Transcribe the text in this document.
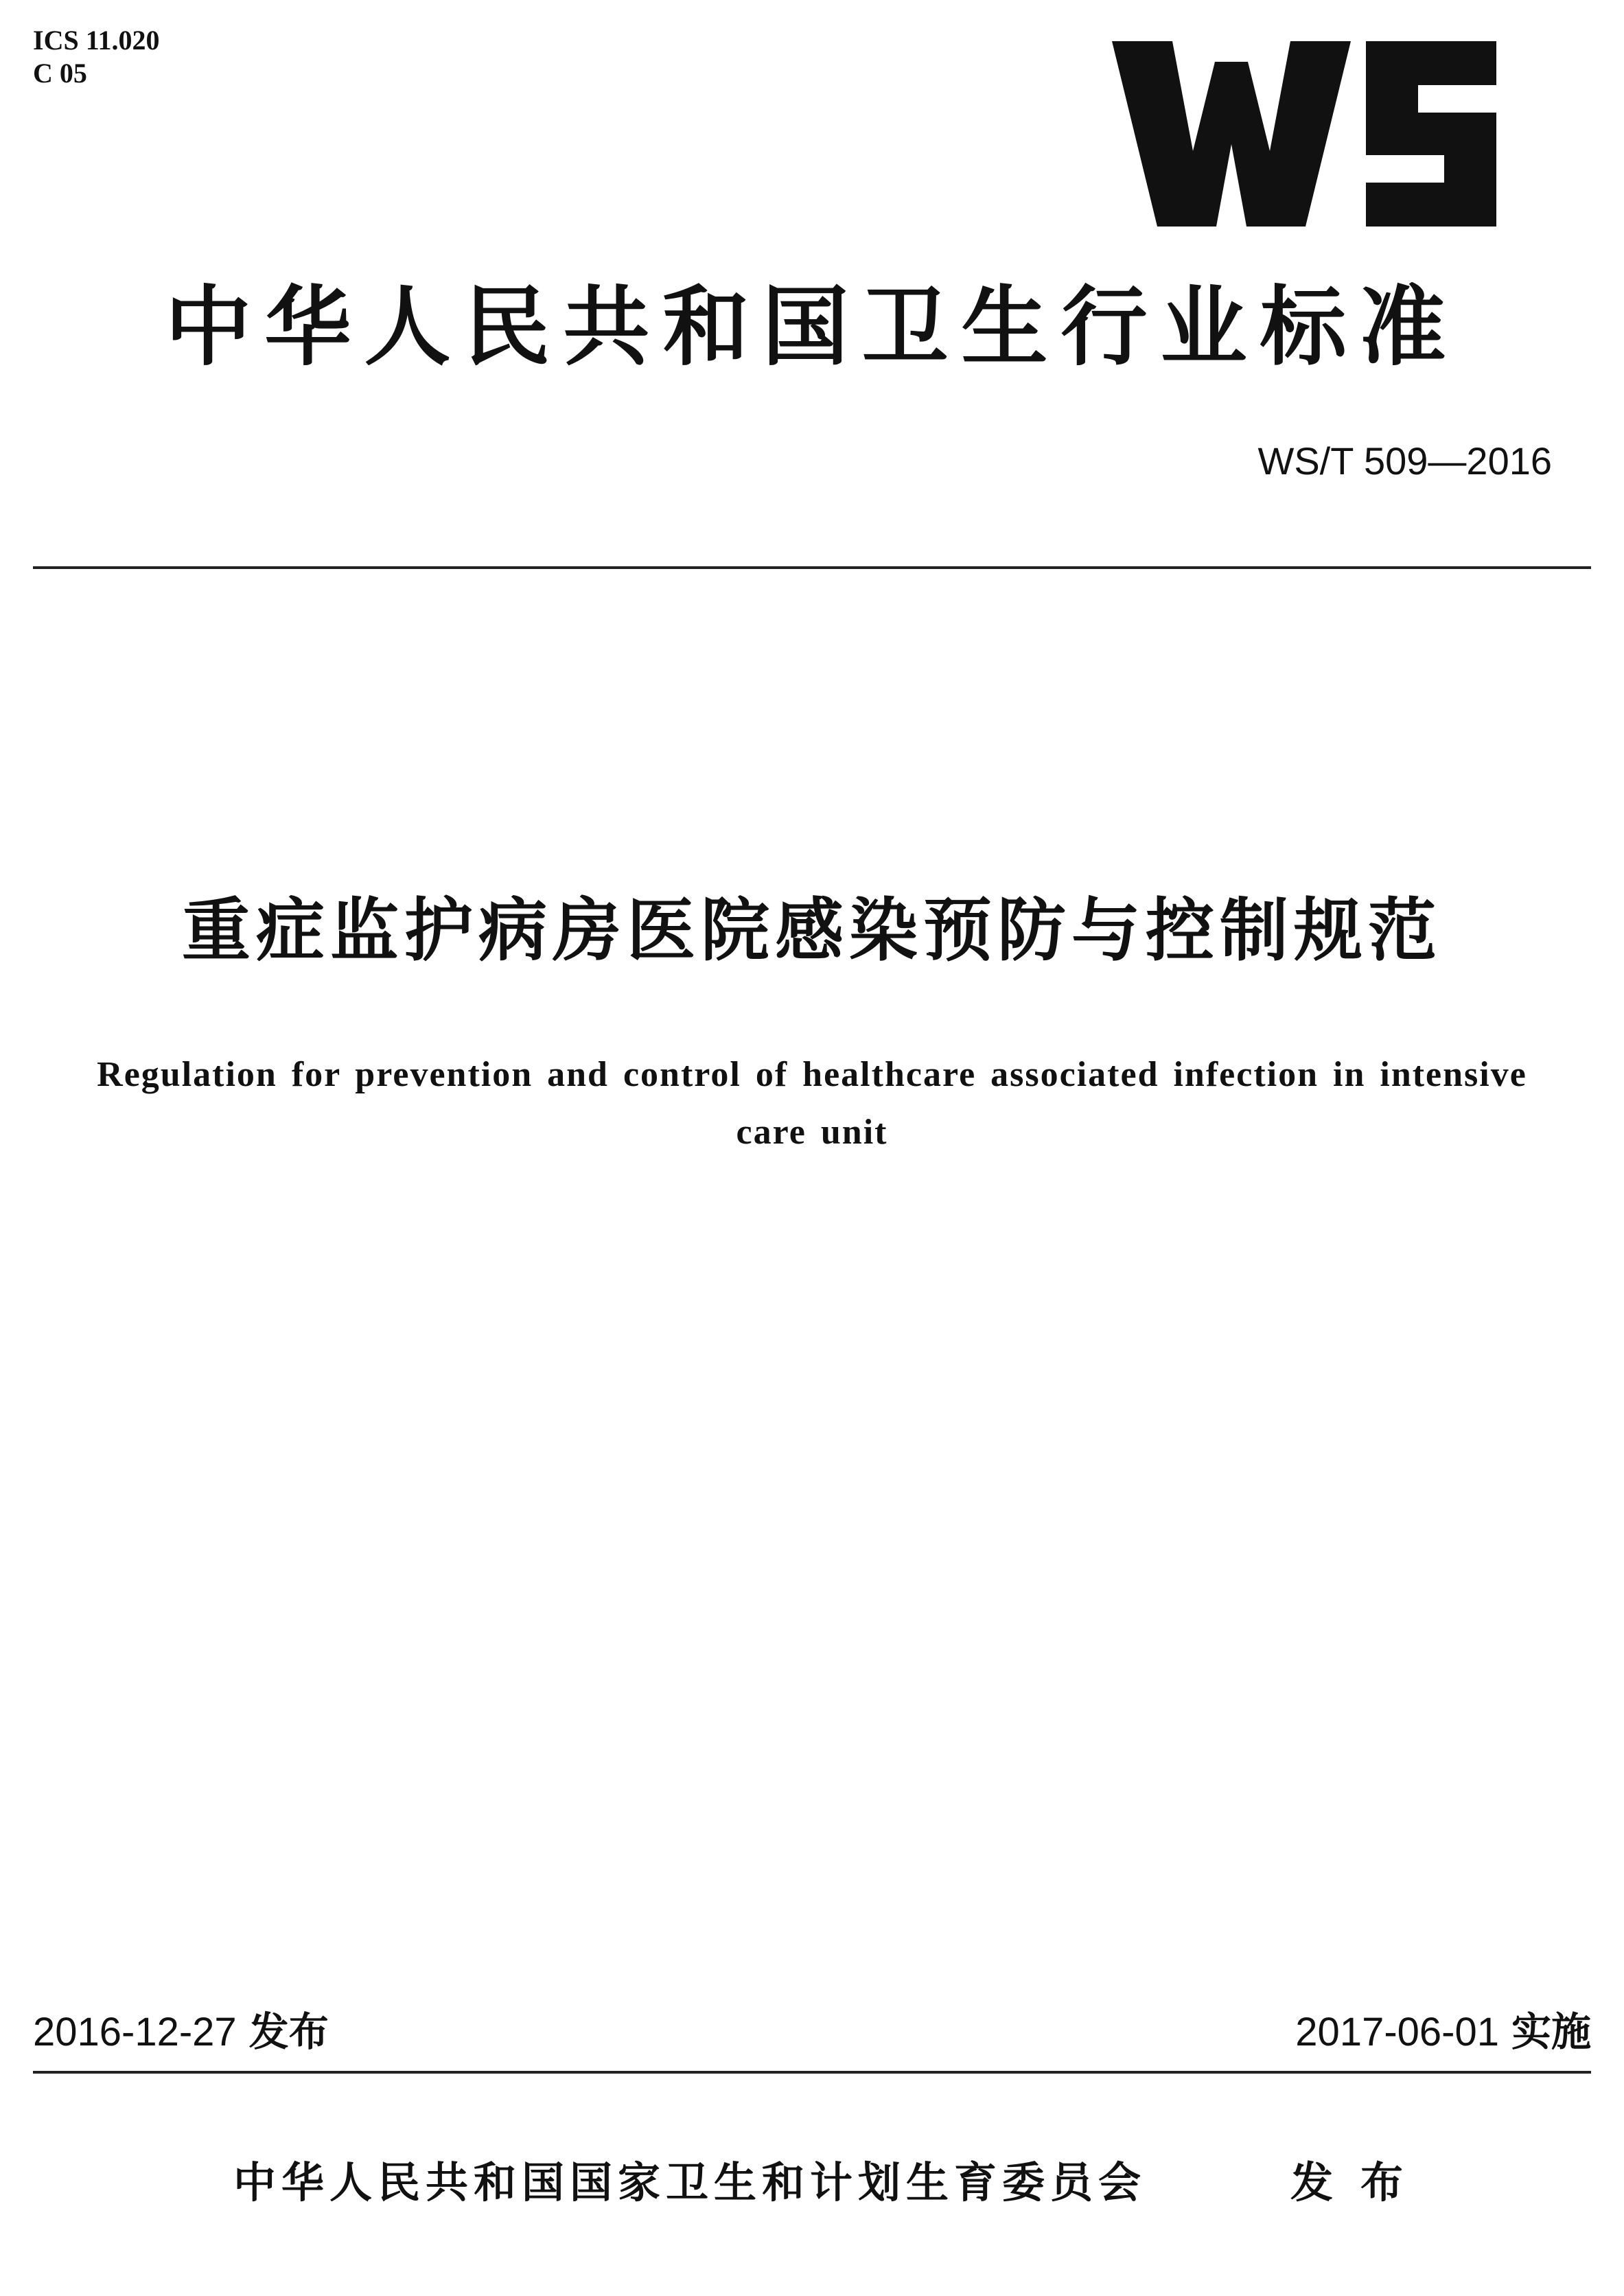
ICS 11.020
C 05
中华人民共和国卫生行业标准
WS/T 509—2016
重症监护病房医院感染预防与控制规范
Regulation for prevention and control of healthcare associated infection in intensive care unit
2016-12-27 发布	2017-06-01 实施
中华人民共和国国家卫生和计划生育委员会	发布
